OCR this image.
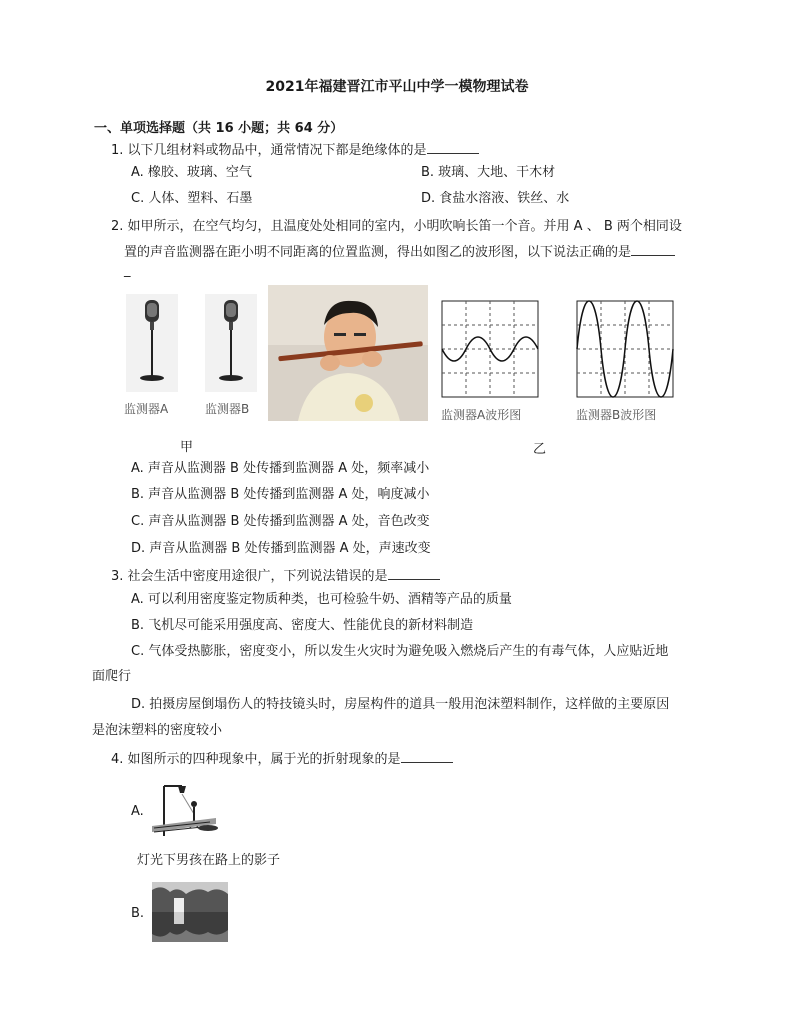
2021年福建晋江市平山中学一模物理试卷
一、单项选择题（共 16 小题；共 64 分）
1. 以下几组材料或物品中，通常情况下都是绝缘体的是
A. 橡胶、玻璃、空气	B. 玻璃、大地、干木材
C. 人体、塑料、石墨	D. 食盐水溶液、铁丝、水
2. 如甲所示，在空气均匀，且温度处处相同的室内，小明吹响长笛一个音。并用 A 、 B 两个相同设
置的声音监测器在距小明不同距离的位置监测，得出如图乙的波形图，以下说法正确的是
_
监测器A	监测器B	监测器A波形图	监测器B波形图
甲	乙
A. 声音从监测器 B 处传播到监测器 A 处，频率减小
B. 声音从监测器 B 处传播到监测器 A 处，响度减小
C. 声音从监测器 B 处传播到监测器 A 处，音色改变
D. 声音从监测器 B 处传播到监测器 A 处，声速改变
3. 社会生活中密度用途很广，下列说法错误的是
A. 可以利用密度鉴定物质种类，也可检验牛奶、酒精等产品的质量
B. 飞机尽可能采用强度高、密度大、性能优良的新材料制造
C. 气体受热膨胀，密度变小，所以发生火灾时为避免吸入燃烧后产生的有毒气体，人应贴近地
面爬行
D. 拍摄房屋倒塌伤人的特技镜头时，房屋构件的道具一般用泡沫塑料制作，这样做的主要原因
是泡沫塑料的密度较小
4. 如图所示的四种现象中，属于光的折射现象的是
A.
灯光下男孩在路上的影子
B.
